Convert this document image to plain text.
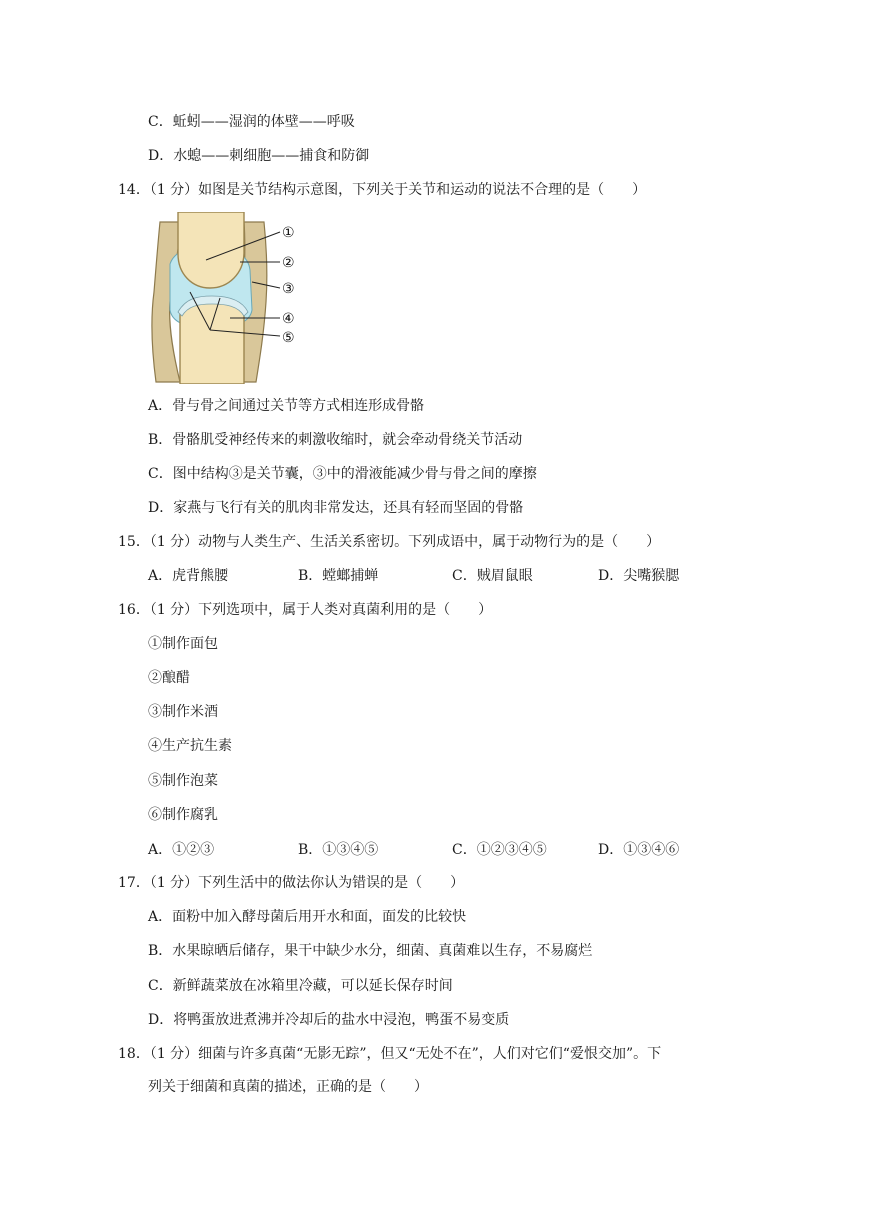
C．蚯蚓——湿润的体壁——呼吸
D．水螅——刺细胞——捕食和防御
14．（1 分）如图是关节结构示意图，下列关于关节和运动的说法不合理的是（　　）
①
②
③
④
⑤
A．骨与骨之间通过关节等方式相连形成骨骼
B．骨骼肌受神经传来的刺激收缩时，就会牵动骨绕关节活动
C．图中结构③是关节囊，③中的滑液能减少骨与骨之间的摩擦
D．家燕与飞行有关的肌肉非常发达，还具有轻而坚固的骨骼
15．（1 分）动物与人类生产、生活关系密切。下列成语中，属于动物行为的是（　　）
A．虎背熊腰	B．螳螂捕蝉	C．贼眉鼠眼	D．尖嘴猴腮
16．（1 分）下列选项中，属于人类对真菌利用的是（　　）
①制作面包
②酿醋
③制作米酒
④生产抗生素
⑤制作泡菜
⑥制作腐乳
A．①②③	B．①③④⑤	C．①②③④⑤	D．①③④⑥
17．（1 分）下列生活中的做法你认为错误的是（　　）
A．面粉中加入酵母菌后用开水和面，面发的比较快
B．水果晾晒后储存，果干中缺少水分，细菌、真菌难以生存，不易腐烂
C．新鲜蔬菜放在冰箱里冷藏，可以延长保存时间
D．将鸭蛋放进煮沸并冷却后的盐水中浸泡，鸭蛋不易变质
18．（1 分）细菌与许多真菌“无影无踪”，但又“无处不在”，人们对它们“爱恨交加”。下
列关于细菌和真菌的描述，正确的是（　　）
